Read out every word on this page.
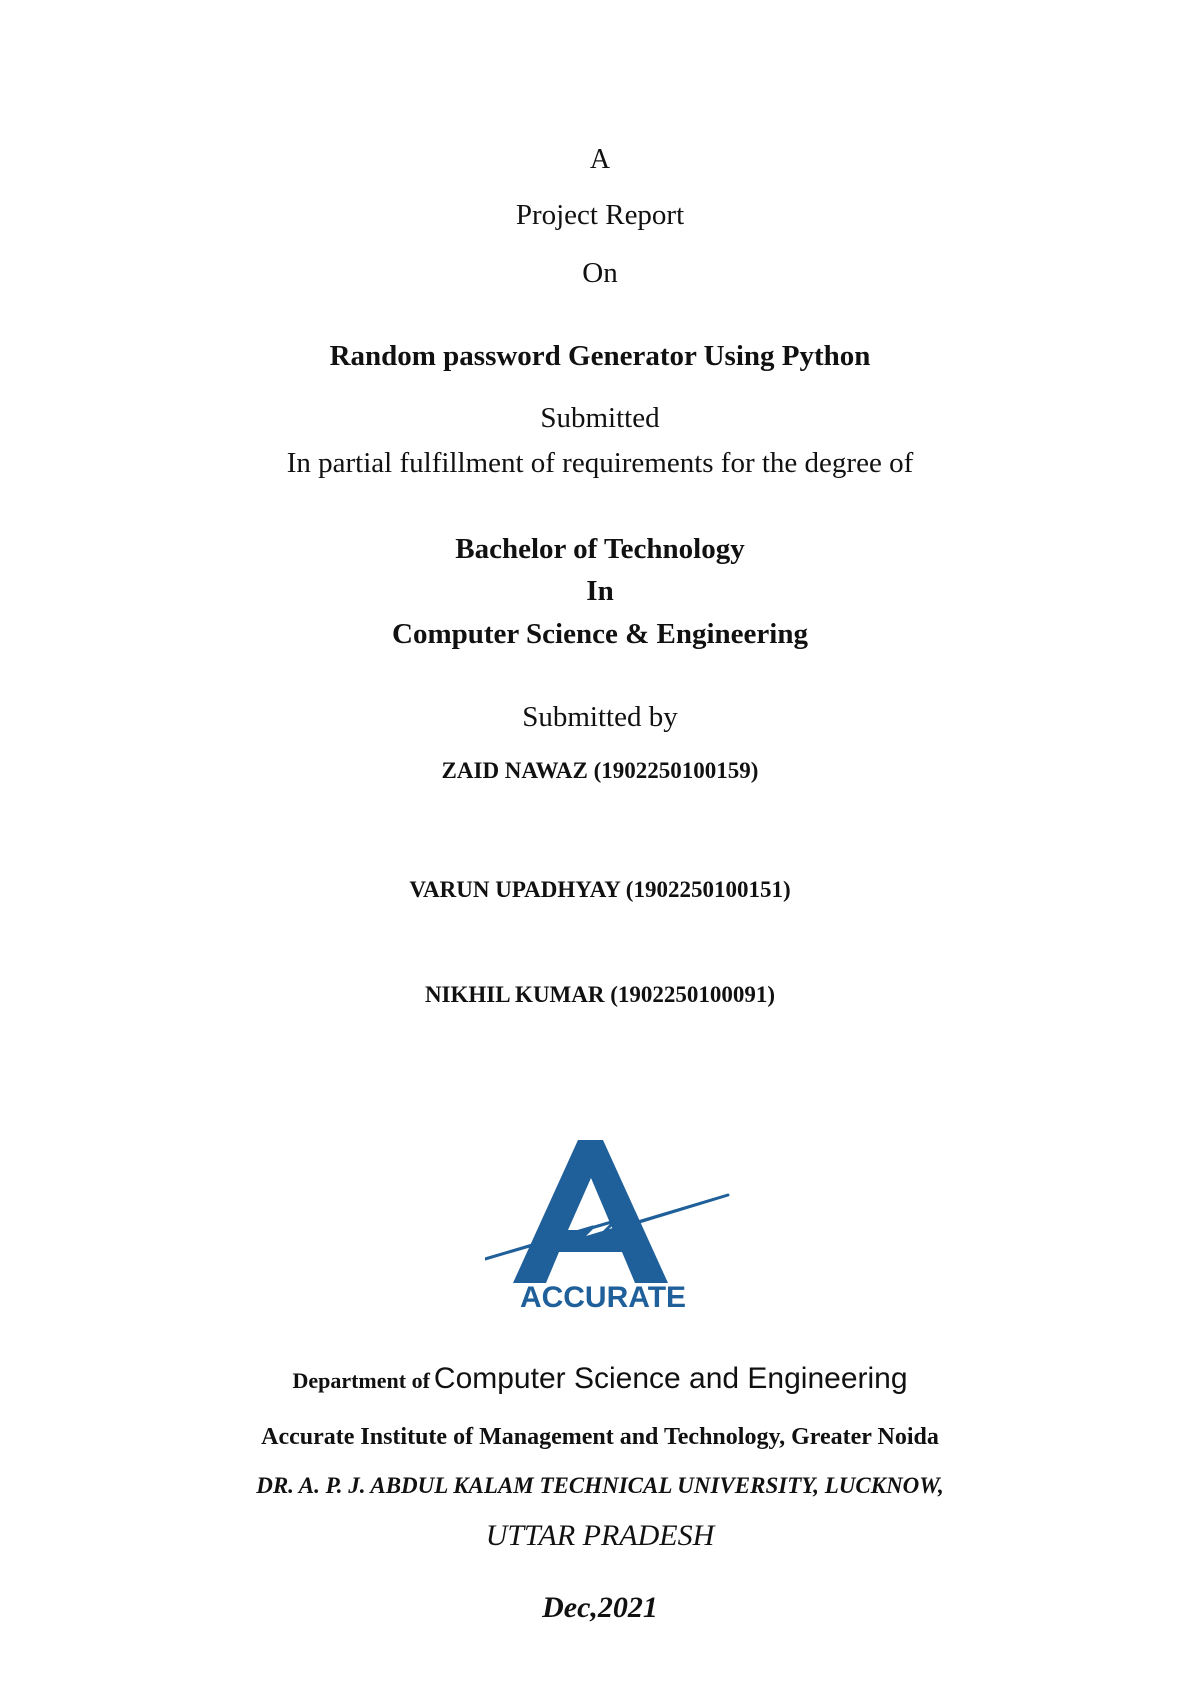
A
Project Report
On
Random password Generator Using Python
Submitted
In partial fulfillment of requirements for the degree of
Bachelor of Technology
In
Computer Science & Engineering
Submitted by
ZAID NAWAZ (1902250100159)
VARUN UPADHYAY (1902250100151)
NIKHIL KUMAR (1902250100091)
ACCURATE
Department of Computer Science and Engineering
Accurate Institute of Management and Technology, Greater Noida
DR. A. P. J. ABDUL KALAM TECHNICAL UNIVERSITY, LUCKNOW,
UTTAR PRADESH
Dec,2021
